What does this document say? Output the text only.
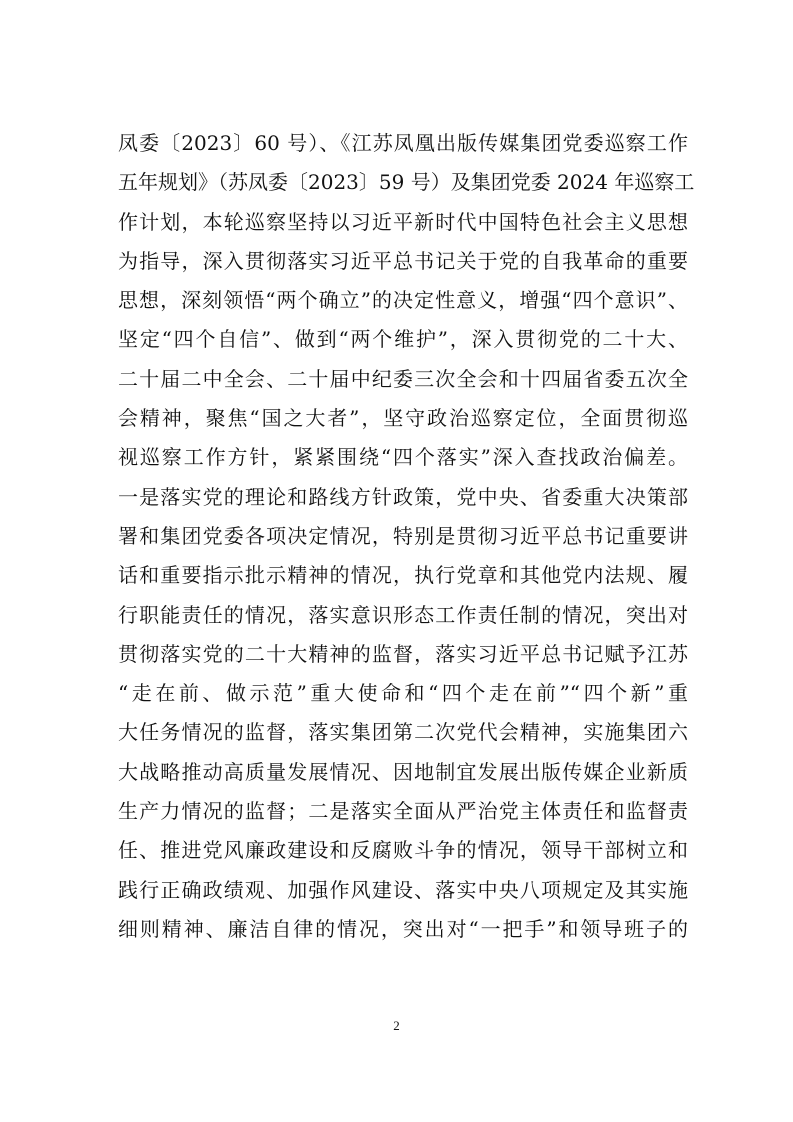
凤委〔2023〕60 号）、《江苏凤凰出版传媒集团党委巡察工作
五年规划》（苏凤委〔2023〕59 号）及集团党委 2024 年巡察工
作计划，本轮巡察坚持以习近平新时代中国特色社会主义思想
为指导，深入贯彻落实习近平总书记关于党的自我革命的重要
思想，深刻领悟“两个确立”的决定性意义，增强“四个意识”、
坚定“四个自信”、做到“两个维护”，深入贯彻党的二十大、
二十届二中全会、二十届中纪委三次全会和十四届省委五次全
会精神，聚焦“国之大者”，坚守政治巡察定位，全面贯彻巡
视巡察工作方针，紧紧围绕“四个落实”深入查找政治偏差。
一是落实党的理论和路线方针政策，党中央、省委重大决策部
署和集团党委各项决定情况，特别是贯彻习近平总书记重要讲
话和重要指示批示精神的情况，执行党章和其他党内法规、履
行职能责任的情况，落实意识形态工作责任制的情况，突出对
贯彻落实党的二十大精神的监督，落实习近平总书记赋予江苏
“走在前、做示范”重大使命和“四个走在前”“四个新”重
大任务情况的监督，落实集团第二次党代会精神，实施集团六
大战略推动高质量发展情况、因地制宜发展出版传媒企业新质
生产力情况的监督；二是落实全面从严治党主体责任和监督责
任、推进党风廉政建设和反腐败斗争的情况，领导干部树立和
践行正确政绩观、加强作风建设、落实中央八项规定及其实施
细则精神、廉洁自律的情况，突出对“一把手”和领导班子的
2
